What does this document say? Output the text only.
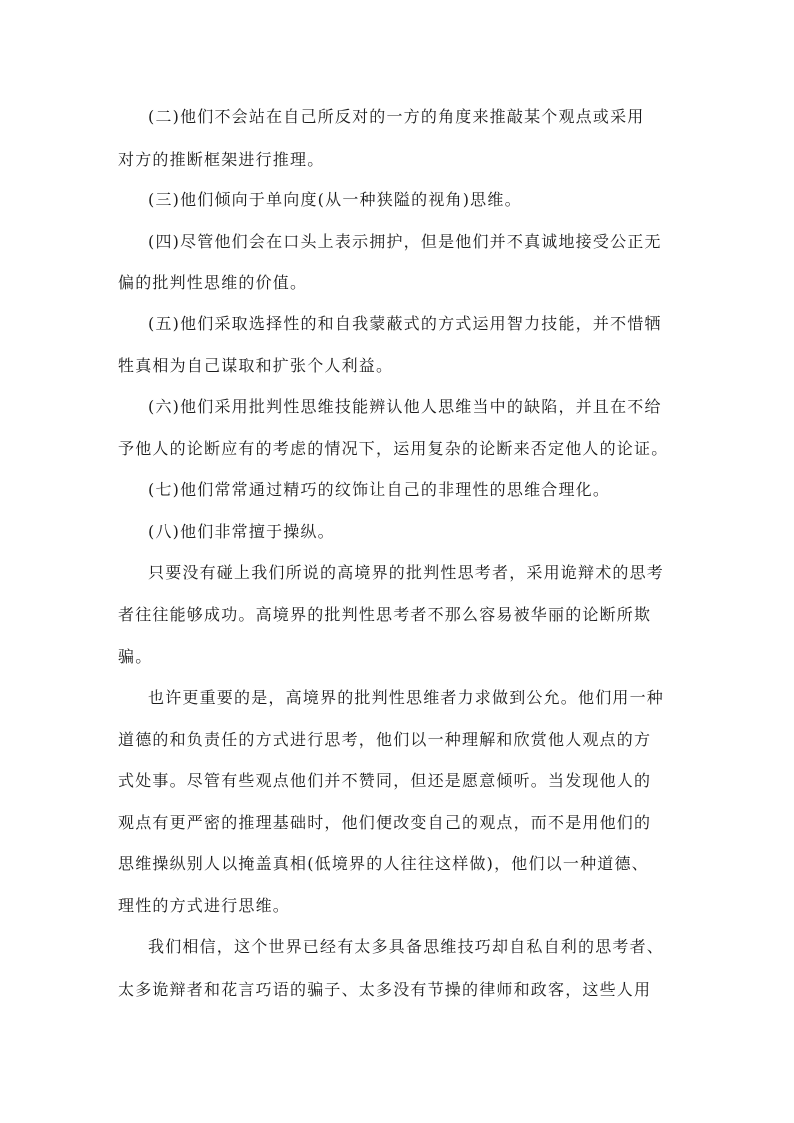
(二)他们不会站在自己所反对的一方的角度来推敲某个观点或采用
对方的推断框架进行推理。
(三)他们倾向于单向度(从一种狭隘的视角)思维。
(四)尽管他们会在口头上表示拥护，但是他们并不真诚地接受公正无
偏的批判性思维的价值。
(五)他们采取选择性的和自我蒙蔽式的方式运用智力技能，并不惜牺
牲真相为自己谋取和扩张个人利益。
(六)他们采用批判性思维技能辨认他人思维当中的缺陷，并且在不给
予他人的论断应有的考虑的情况下，运用复杂的论断来否定他人的论证。
(七)他们常常通过精巧的纹饰让自己的非理性的思维合理化。
(八)他们非常擅于操纵。
只要没有碰上我们所说的高境界的批判性思考者，采用诡辩术的思考
者往往能够成功。高境界的批判性思考者不那么容易被华丽的论断所欺
骗。
也许更重要的是，高境界的批判性思维者力求做到公允。他们用一种
道德的和负责任的方式进行思考，他们以一种理解和欣赏他人观点的方
式处事。尽管有些观点他们并不赞同，但还是愿意倾听。当发现他人的
观点有更严密的推理基础时，他们便改变自己的观点，而不是用他们的
思维操纵别人以掩盖真相(低境界的人往往这样做)，他们以一种道德、
理性的方式进行思维。
我们相信，这个世界已经有太多具备思维技巧却自私自利的思考者、
太多诡辩者和花言巧语的骗子、太多没有节操的律师和政客，这些人用
